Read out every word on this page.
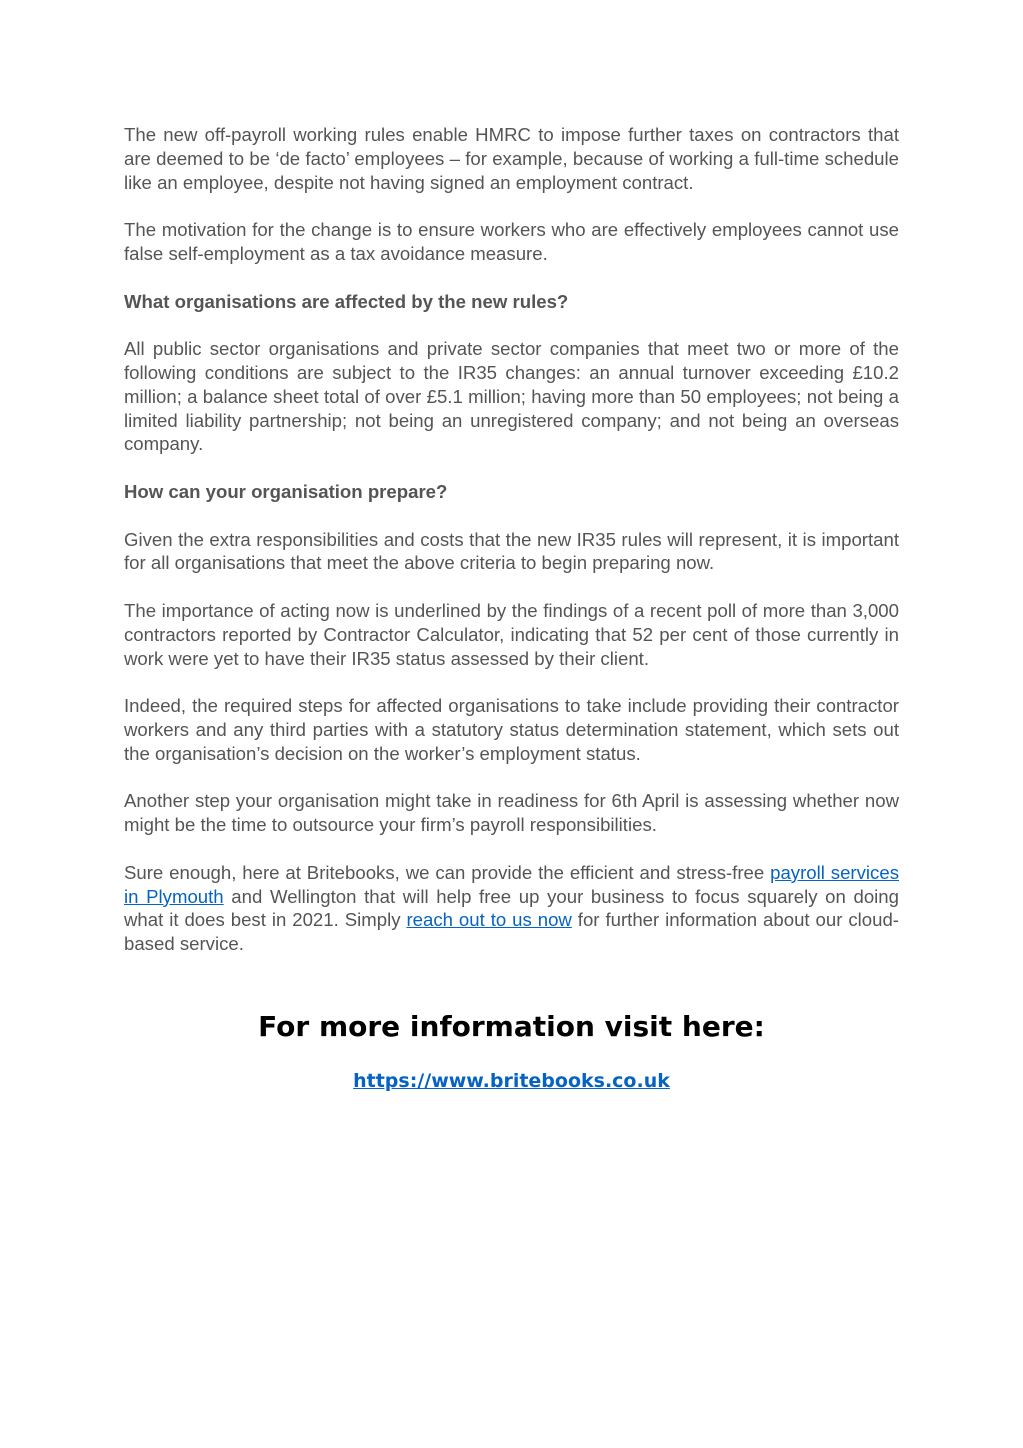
The new off-payroll working rules enable HMRC to impose further taxes on contractors that are deemed to be ‘de facto’ employees – for example, because of working a full-time schedule like an employee, despite not having signed an employment contract.

The motivation for the change is to ensure workers who are effectively employees cannot use false self-employment as a tax avoidance measure.

What organisations are affected by the new rules?

All public sector organisations and private sector companies that meet two or more of the following conditions are subject to the IR35 changes: an annual turnover exceeding £10.2 million; a balance sheet total of over £5.1 million; having more than 50 employees; not being a limited liability partnership; not being an unregistered company; and not being an overseas company.

How can your organisation prepare?

Given the extra responsibilities and costs that the new IR35 rules will represent, it is important for all organisations that meet the above criteria to begin preparing now.

The importance of acting now is underlined by the findings of a recent poll of more than 3,000 contractors reported by Contractor Calculator, indicating that 52 per cent of those currently in work were yet to have their IR35 status assessed by their client.

Indeed, the required steps for affected organisations to take include providing their contractor workers and any third parties with a statutory status determination statement, which sets out the organisation’s decision on the worker’s employment status.

Another step your organisation might take in readiness for 6th April is assessing whether now might be the time to outsource your firm’s payroll responsibilities.

Sure enough, here at Britebooks, we can provide the efficient and stress-free payroll services in Plymouth and Wellington that will help free up your business to focus squarely on doing what it does best in 2021. Simply reach out to us now for further information about our cloud-based service.

For more information visit here:
https://www.britebooks.co.uk
